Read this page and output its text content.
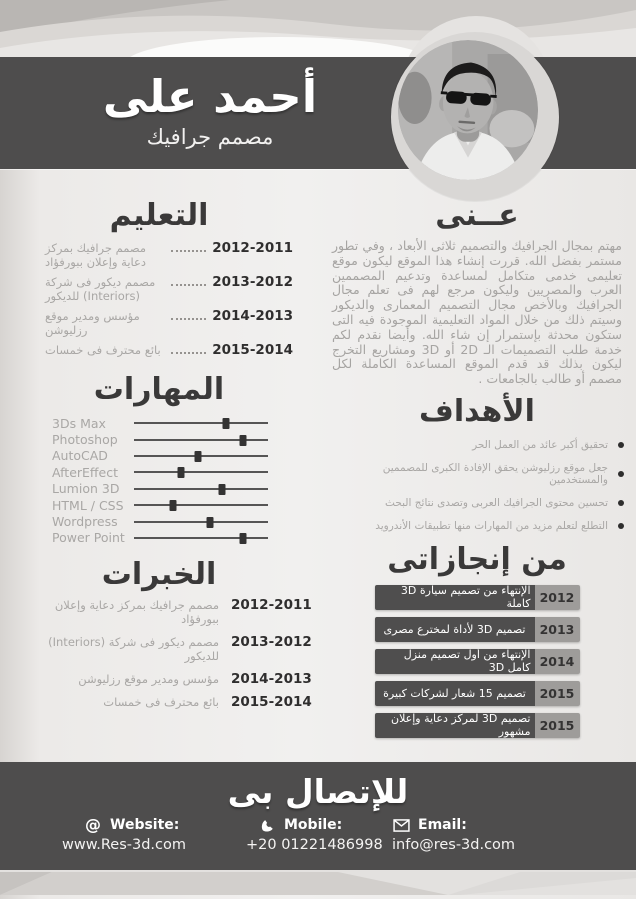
أحمد على
مصمم جرافيك
التعليم
مصمم جرافيك بمركز دعاية وإعلان ببورفؤاد
2012-2011
مصمم ديكور فى شركة (Interiors) للديكور
2013-2012
مؤسس ومدير موقع رزليوشن
2014-2013
بائع محترف فى خمسات	2015-2014
المهارات
3Ds Max
Photoshop
AutoCAD
AfterEffect
Lumion 3D
HTML / CSS
Wordpress
Power Point
الخبرات
مصمم جرافيك بمركز دعاية وإعلان ببورفؤاد
2012-2011
مصمم ديكور فى شركة (Interiors) للديكور
2013-2012
مؤسس ومدير موقع رزليوشن 2014-2013
بائع محترف فى خمسات 2015-2014
عــنى
مهتم بمجال الجرافيك والتصميم ثلاثى الأبعاد ، وفي تطور مستمر بفضل الله. قررت إنشاء هذا الموقع ليكون موقع تعليمى خدمى متكامل لمساعدة وتدعيم المصممين العرب والمصريين وليكون مرجع لهم فى تعلم مجال الجرافيك وبالأخص مجال التصميم المعمارى والديكور وسيتم ذلك من خلال المواد التعليمية الموجودة فيه التى ستكون محدثة بإستمرار إن شاء الله. وأيضا نقدم لكم خدمة طلب التصميمات الـ 2D أو 3D ومشاريع التخرج ليكون بذلك قد قدم الموقع المساعدة الكاملة لكل مصمم أو طالب بالجامعات .
الأهداف
تحقيق أكبر عائد من العمل الحر
جعل موقع رزليوشن يحقق الإفادة الكبرى للمصممين والمستخدمين
تحسين محتوى الجرافيك العربى وتصدى نتائج البحث
التطلع لتعلم مزيد من المهارات منها تطبيقات الأندرويد
من إنجازاتى
الإنتهاء من تصميم سيارة 3D كاملة 2012
تصميم 3D لأداة لمخترع مصرى	2013
الإنتهاء من أول تصميم منزل كامل 3D 2014
تصميم 15 شعار لشركات كبيرة	2015
تصميم 3D لمركز دعاية وإعلان مشهور 2015
للإتصال بى
@ Website:
www.Res-3d.com
Mobile:
+20 01221486998
Email:
info@res-3d.com
